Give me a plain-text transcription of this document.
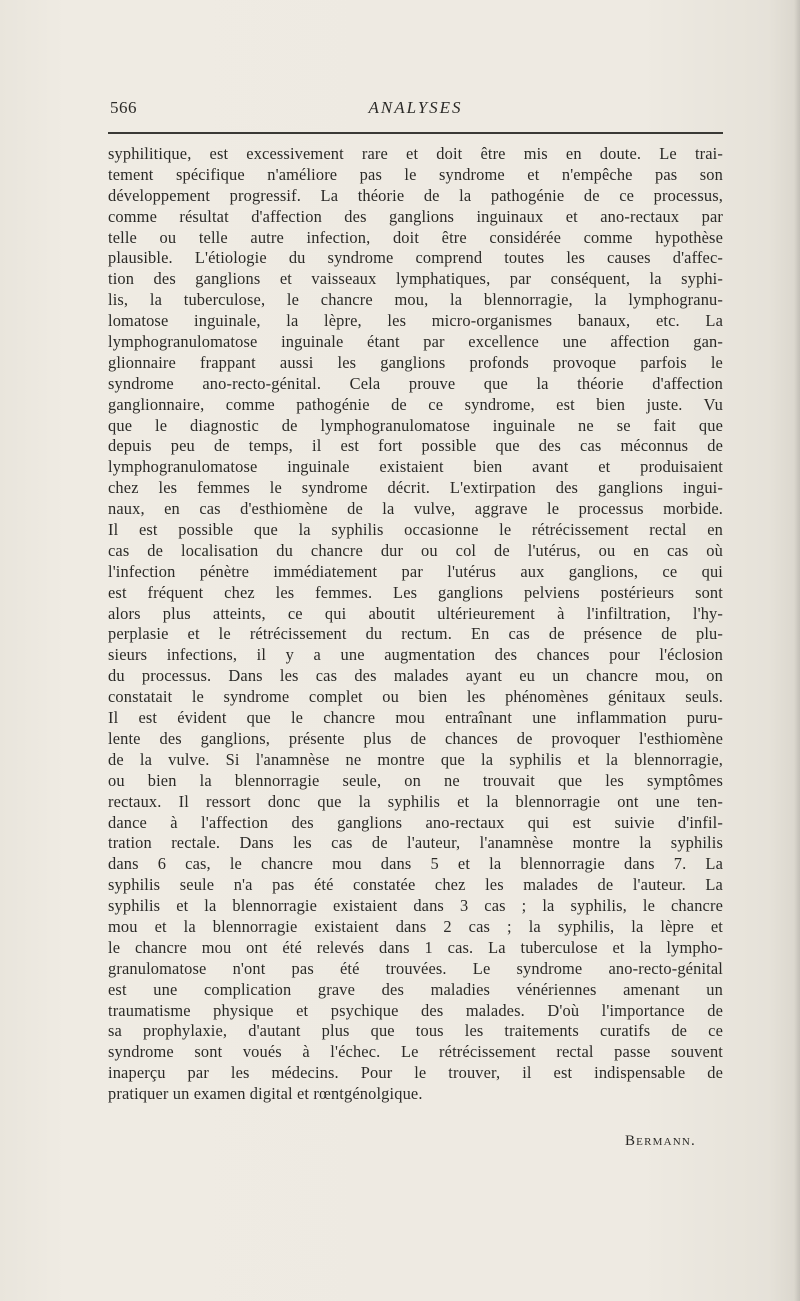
566	ANALYSES
syphilitique, est excessivement rare et doit être mis en doute. Le trai-
tement spécifique n'améliore pas le syndrome et n'empêche pas son
développement progressif. La théorie de la pathogénie de ce processus,
comme résultat d'affection des ganglions inguinaux et ano-rectaux par
telle ou telle autre infection, doit être considérée comme hypothèse
plausible. L'étiologie du syndrome comprend toutes les causes d'affec-
tion des ganglions et vaisseaux lymphatiques, par conséquent, la syphi-
lis, la tuberculose, le chancre mou, la blennorragie, la lymphogranu-
lomatose inguinale, la lèpre, les micro-organismes banaux, etc. La
lymphogranulomatose inguinale étant par excellence une affection gan-
glionnaire frappant aussi les ganglions profonds provoque parfois le
syndrome ano-recto-génital. Cela prouve que la théorie d'affection
ganglionnaire, comme pathogénie de ce syndrome, est bien juste. Vu
que le diagnostic de lymphogranulomatose inguinale ne se fait que
depuis peu de temps, il est fort possible que des cas méconnus de
lymphogranulomatose inguinale existaient bien avant et produisaient
chez les femmes le syndrome décrit. L'extirpation des ganglions ingui-
naux, en cas d'esthiomène de la vulve, aggrave le processus morbide.
Il est possible que la syphilis occasionne le rétrécissement rectal en
cas de localisation du chancre dur ou col de l'utérus, ou en cas où
l'infection pénètre immédiatement par l'utérus aux ganglions, ce qui
est fréquent chez les femmes. Les ganglions pelviens postérieurs sont
alors plus atteints, ce qui aboutit ultérieurement à l'infiltration, l'hy-
perplasie et le rétrécissement du rectum. En cas de présence de plu-
sieurs infections, il y a une augmentation des chances pour l'éclosion
du processus. Dans les cas des malades ayant eu un chancre mou, on
constatait le syndrome complet ou bien les phénomènes génitaux seuls.
Il est évident que le chancre mou entraînant une inflammation puru-
lente des ganglions, présente plus de chances de provoquer l'esthiomène
de la vulve. Si l'anamnèse ne montre que la syphilis et la blennorragie,
ou bien la blennorragie seule, on ne trouvait que les symptômes
rectaux. Il ressort donc que la syphilis et la blennorragie ont une ten-
dance à l'affection des ganglions ano-rectaux qui est suivie d'infil-
tration rectale. Dans les cas de l'auteur, l'anamnèse montre la syphilis
dans 6 cas, le chancre mou dans 5 et la blennorragie dans 7. La
syphilis seule n'a pas été constatée chez les malades de l'auteur. La
syphilis et la blennorragie existaient dans 3 cas ; la syphilis, le chancre
mou et la blennorragie existaient dans 2 cas ; la syphilis, la lèpre et
le chancre mou ont été relevés dans 1 cas. La tuberculose et la lympho-
granulomatose n'ont pas été trouvées. Le syndrome ano-recto-génital
est une complication grave des maladies vénériennes amenant un
traumatisme physique et psychique des malades. D'où l'importance de
sa prophylaxie, d'autant plus que tous les traitements curatifs de ce
syndrome sont voués à l'échec. Le rétrécissement rectal passe souvent
inaperçu par les médecins. Pour le trouver, il est indispensable de
pratiquer un examen digital et rœntgénolgique.
Bermann.
